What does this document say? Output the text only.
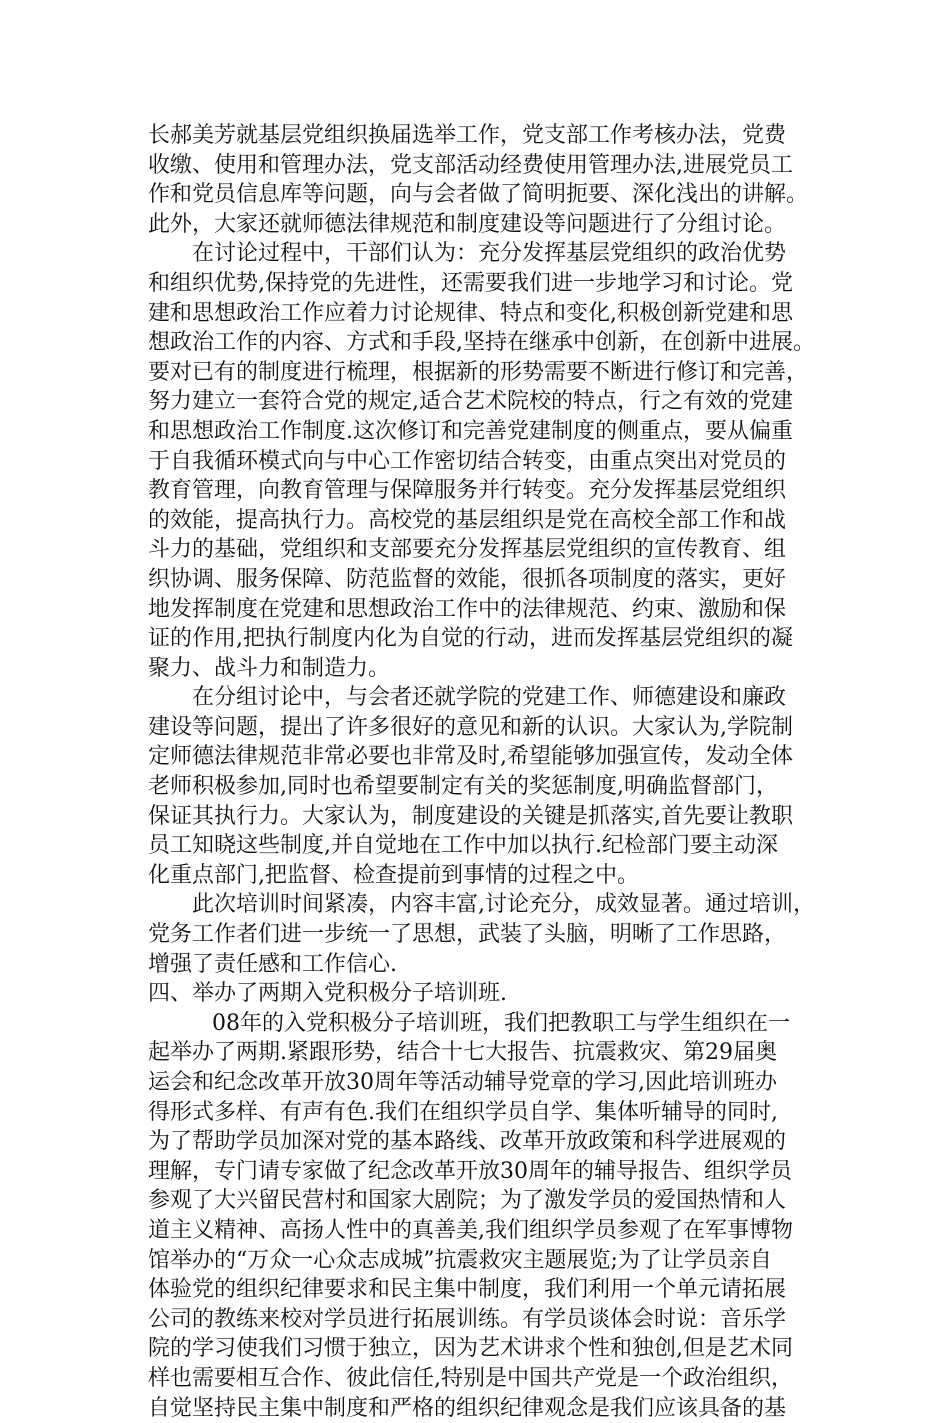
长郝美芳就基层党组织换届选举工作，党支部工作考核办法，党费
收缴、使用和管理办法，党支部活动经费使用管理办法,进展党员工
作和党员信息库等问题，向与会者做了简明扼要、深化浅出的讲解。
此外，大家还就师德法律规范和制度建设等问题进行了分组讨论。
在讨论过程中，干部们认为：充分发挥基层党组织的政治优势
和组织优势,保持党的先进性，还需要我们进一步地学习和讨论。党
建和思想政治工作应着力讨论规律、特点和变化,积极创新党建和思
想政治工作的内容、方式和手段,坚持在继承中创新，在创新中进展。
要对已有的制度进行梳理，根据新的形势需要不断进行修订和完善，
努力建立一套符合党的规定,适合艺术院校的特点，行之有效的党建
和思想政治工作制度.这次修订和完善党建制度的侧重点，要从偏重
于自我循环模式向与中心工作密切结合转变，由重点突出对党员的
教育管理，向教育管理与保障服务并行转变。充分发挥基层党组织
的效能，提高执行力。高校党的基层组织是党在高校全部工作和战
斗力的基础，党组织和支部要充分发挥基层党组织的宣传教育、组
织协调、服务保障、防范监督的效能，很抓各项制度的落实，更好
地发挥制度在党建和思想政治工作中的法律规范、约束、激励和保
证的作用,把执行制度内化为自觉的行动，进而发挥基层党组织的凝
聚力、战斗力和制造力。
在分组讨论中，与会者还就学院的党建工作、师德建设和廉政
建设等问题，提出了许多很好的意见和新的认识。大家认为,学院制
定师德法律规范非常必要也非常及时,希望能够加强宣传，发动全体
老师积极参加,同时也希望要制定有关的奖惩制度,明确监督部门，
保证其执行力。大家认为，制度建设的关键是抓落实,首先要让教职
员工知晓这些制度,并自觉地在工作中加以执行.纪检部门要主动深
化重点部门,把监督、检查提前到事情的过程之中。
此次培训时间紧凑，内容丰富,讨论充分，成效显著。通过培训，
党务工作者们进一步统一了思想，武装了头脑，明晰了工作思路，
增强了责任感和工作信心.
四、举办了两期入党积极分子培训班.
08年的入党积极分子培训班，我们把教职工与学生组织在一
起举办了两期.紧跟形势，结合十七大报告、抗震救灾、第29届奥
运会和纪念改革开放30周年等活动辅导党章的学习,因此培训班办
得形式多样、有声有色.我们在组织学员自学、集体听辅导的同时,
为了帮助学员加深对党的基本路线、改革开放政策和科学进展观的
理解，专门请专家做了纪念改革开放30周年的辅导报告、组织学员
参观了大兴留民营村和国家大剧院；为了激发学员的爱国热情和人
道主义精神、高扬人性中的真善美,我们组织学员参观了在军事博物
馆举办的“万众一心众志成城”抗震救灾主题展览;为了让学员亲自
体验党的组织纪律要求和民主集中制度，我们利用一个单元请拓展
公司的教练来校对学员进行拓展训练。有学员谈体会时说：音乐学
院的学习使我们习惯于独立，因为艺术讲求个性和独创,但是艺术同
样也需要相互合作、彼此信任,特别是中国共产党是一个政治组织，
自觉坚持民主集中制度和严格的组织纪律观念是我们应该具备的基
